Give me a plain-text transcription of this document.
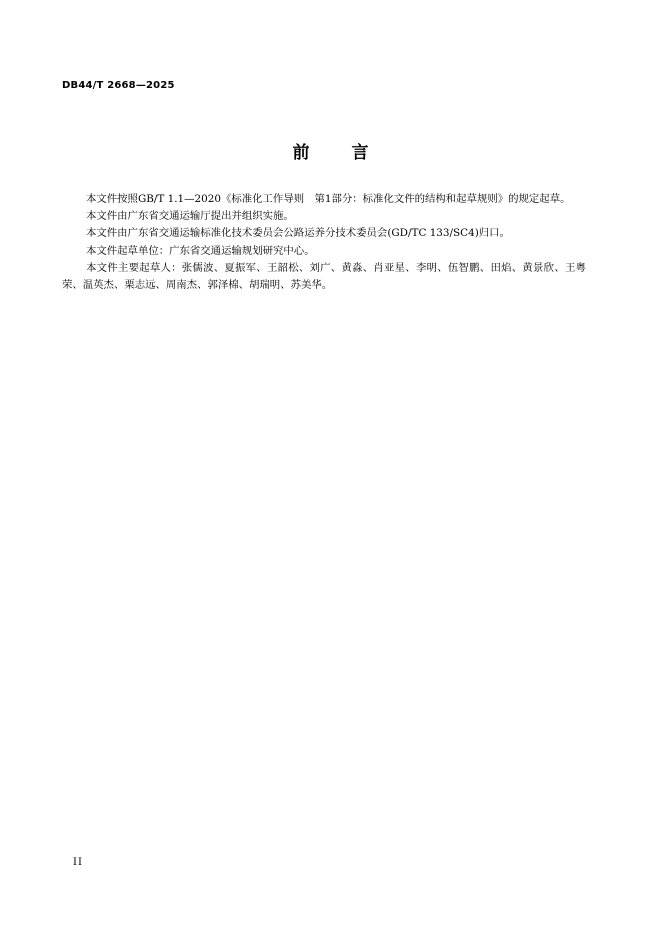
DB44/T 2668—2025
前 言

本文件按照GB/T 1.1—2020《标准化工作导则　第1部分：标准化文件的结构和起草规则》的规定起草。

本文件由广东省交通运输厅提出并组织实施。

本文件由广东省交通运输标准化技术委员会公路运养分技术委员会(GD/TC 133/SC4)归口。

本文件起草单位：广东省交通运输规划研究中心。

本文件主要起草人：张儒波、夏振军、王韶松、刘广、黄淼、肖亚星、李明、伍智鹏、田焰、黄景欣、王粤荣、温英杰、栗志远、周南杰、郭泽棉、胡瑞明、苏美华。

II
